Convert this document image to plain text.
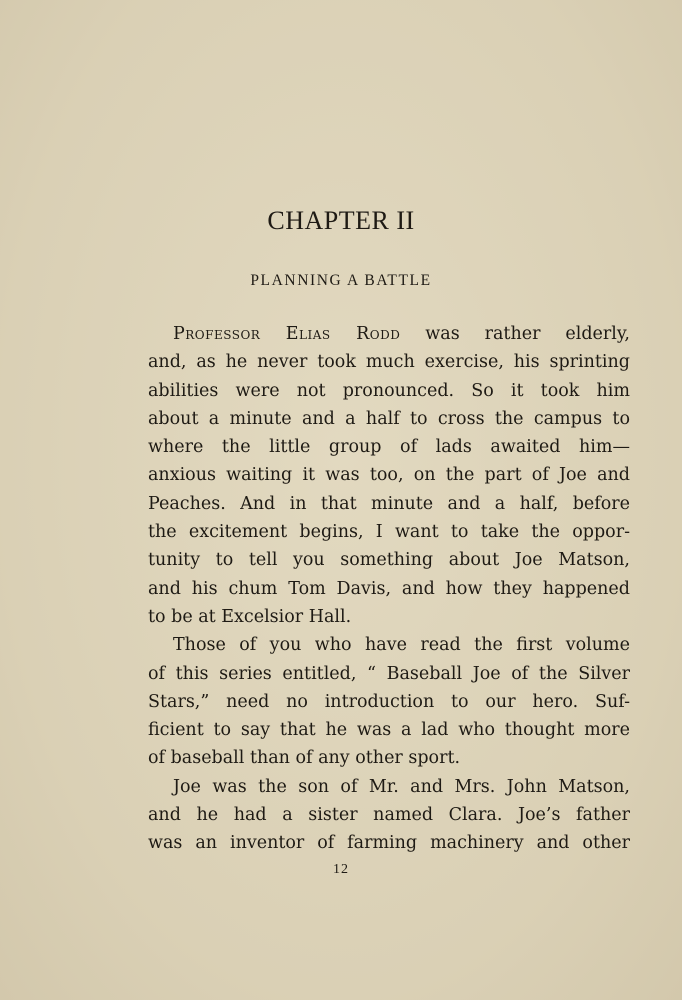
CHAPTER II
PLANNING A BATTLE

Professor Elias Rodd was rather elderly,
and, as he never took much exercise, his sprinting
abilities were not pronounced. So it took him
about a minute and a half to cross the campus to
where the little group of lads awaited him—
anxious waiting it was too, on the part of Joe and
Peaches. And in that minute and a half, before
the excitement begins, I want to take the oppor-
tunity to tell you something about Joe Matson,
and his chum Tom Davis, and how they happened
to be at Excelsior Hall.

Those of you who have read the first volume
of this series entitled, “ Baseball Joe of the Silver
Stars,” need no introduction to our hero. Suf-
ficient to say that he was a lad who thought more
of baseball than of any other sport.

Joe was the son of Mr. and Mrs. John Matson,
and he had a sister named Clara. Joe’s father
was an inventor of farming machinery and other

12
